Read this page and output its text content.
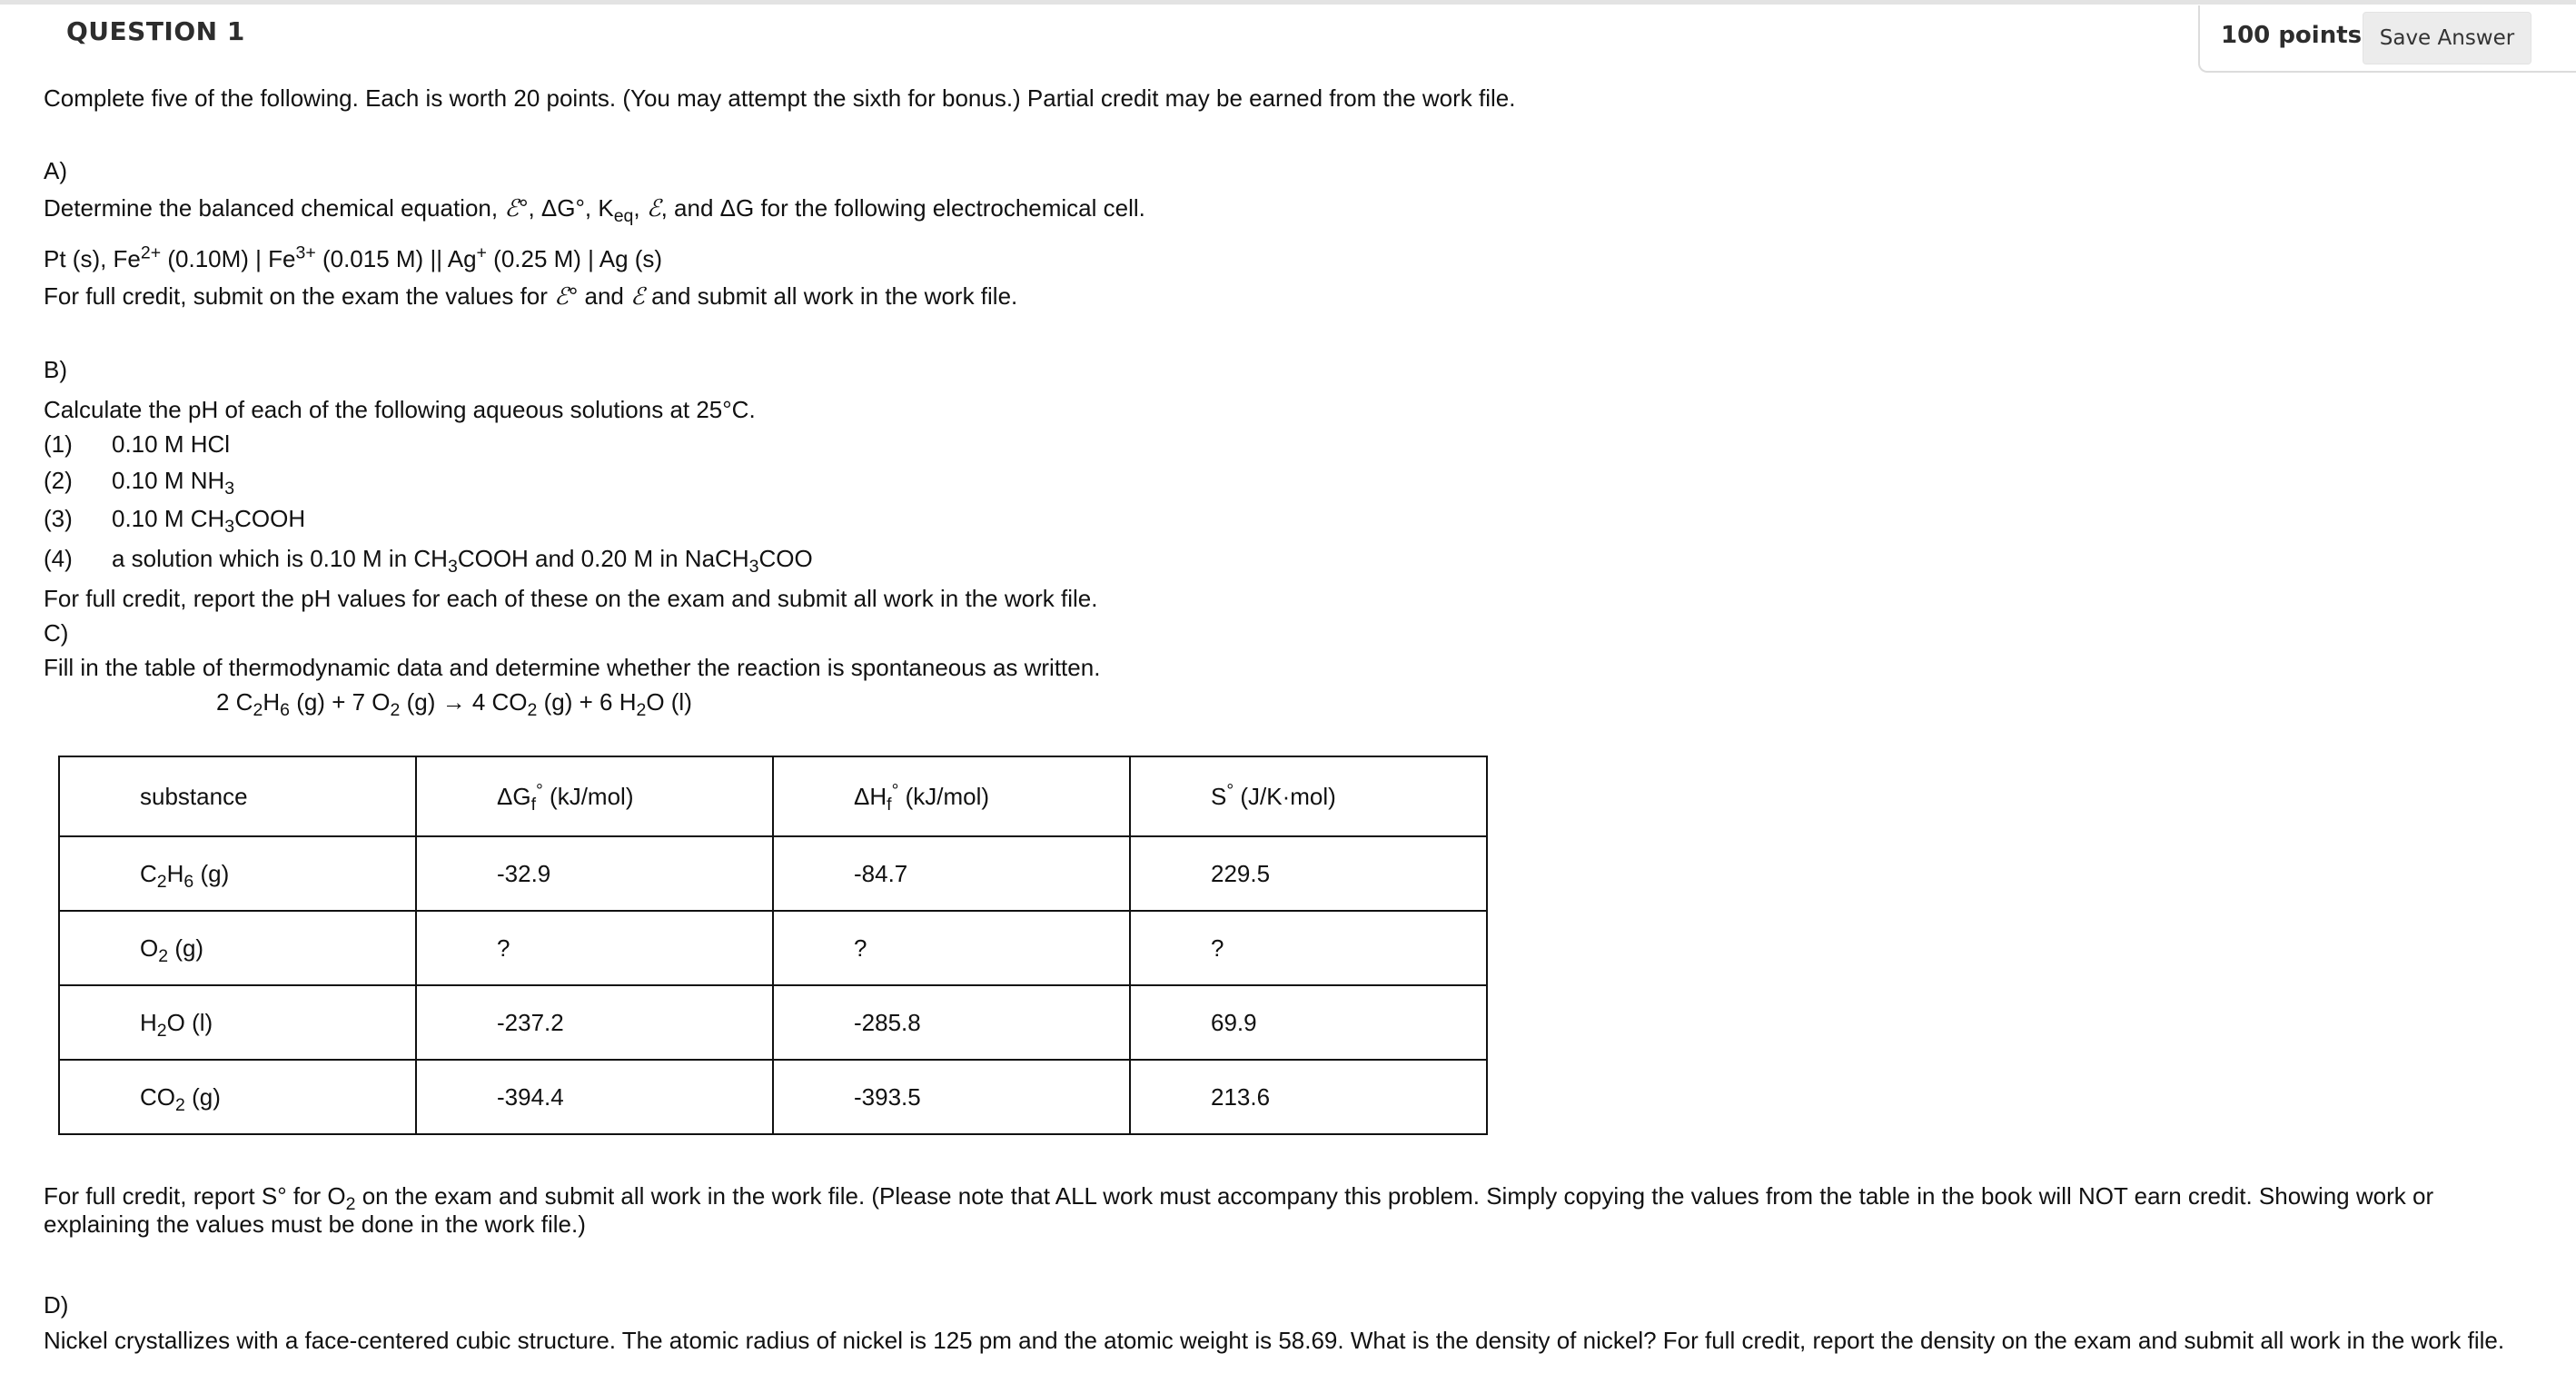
QUESTION 1	100 points Save Answer
Complete five of the following. Each is worth 20 points. (You may attempt the sixth for bonus.) Partial credit may be earned from the work file.
A)
Determine the balanced chemical equation, ℰ°, ΔG°, $K_{eq}$, ℰ, and ΔG for the following electrochemical cell.
Pt (s), $Fe^{2+}$ (0.10M) | $Fe^{3+}$ (0.015 M) || Ag+ (0.25 M) | Ag (s)
For full credit, submit on the exam the values for ℰ° and ℰ and submit all work in the work file.
B)
Calculate the pH of each of the following aqueous solutions at 25°C.
(1) 0.10 M HCl
(2) 0.10 M $NH_3$
(3) 0.10 M $CH_3COOH$
(4) a solution which is 0.10 M in $CH_3COOH$ and 0.20 M in NaCH$_3$COO
For full credit, report the pH values for each of these on the exam and submit all work in the work file.
C)
Fill in the table of thermodynamic data and determine whether the reaction is spontaneous as written.
2 $C_2H_6$ (g) + 7 $O_2$ (g) → 4 $CO_2$ (g) + 6 $H_2O$ (l)
substance	$\Delta G_f^\circ$ (kJ/mol)	$\Delta H_f^\circ$ (kJ/mol)	S° (J/K·mol)
$C_2H_6$ (g)	-32.9	-84.7	229.5
$O_2$ (g)	?	?	?
$H_2O$ (l)	-237.2	-285.8	69.9
$CO_2$ (g)	-394.4	-393.5	213.6
For full credit, report S° for $O_2$ on the exam and submit all work in the work file. (Please note that ALL work must accompany this problem. Simply copying the values from the table in the book will NOT earn credit. Showing work or explaining the values must be done in the work file.)
D)
Nickel crystallizes with a face-centered cubic structure. The atomic radius of nickel is 125 pm and the atomic weight is 58.69. What is the density of nickel? For full credit, report the density on the exam and submit all work in the work file.
